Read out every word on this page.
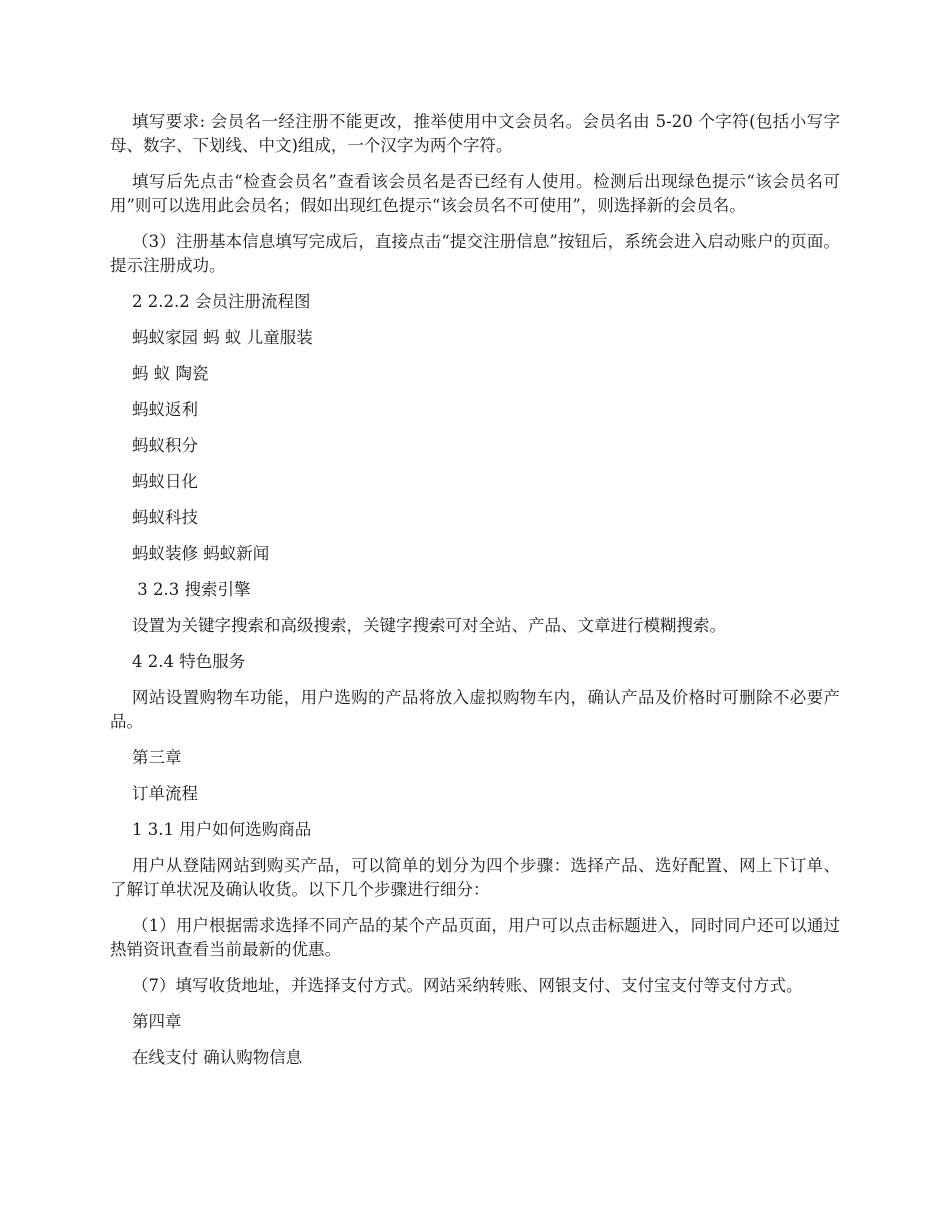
填写要求: 会员名一经注册不能更改，推举使用中文会员名。会员名由 5-20 个字符(包括小写字母、数字、下划线、中文)组成，一个汉字为两个字符。

填写后先点击“检查会员名”查看该会员名是否已经有人使用。检测后出现绿色提示“该会员名可用”则可以选用此会员名；假如出现红色提示“该会员名不可使用”，则选择新的会员名。

（3）注册基本信息填写完成后，直接点击“提交注册信息”按钮后，系统会进入启动账户的页面。提示注册成功。

2 2.2.2 会员注册流程图

蚂蚁家园 蚂 蚁 儿童服装

蚂 蚁 陶瓷

蚂蚁返利

蚂蚁积分

蚂蚁日化

蚂蚁科技

蚂蚁装修 蚂蚁新闻

3 2.3 搜索引擎

设置为关键字搜索和高级搜索，关键字搜索可对全站、产品、文章进行模糊搜索。

4 2.4 特色服务

网站设置购物车功能，用户选购的产品将放入虚拟购物车内，确认产品及价格时可删除不必要产品。

第三章

订单流程

1 3.1 用户如何选购商品

用户从登陆网站到购买产品，可以简单的划分为四个步骤：选择产品、选好配置、网上下订单、了解订单状况及确认收货。以下几个步骤进行细分：

（1）用户根据需求选择不同产品的某个产品页面，用户可以点击标题进入，同时同户还可以通过热销资讯查看当前最新的优惠。

（7）填写收货地址，并选择支付方式。网站采纳转账、网银支付、支付宝支付等支付方式。

第四章

在线支付 确认购物信息
